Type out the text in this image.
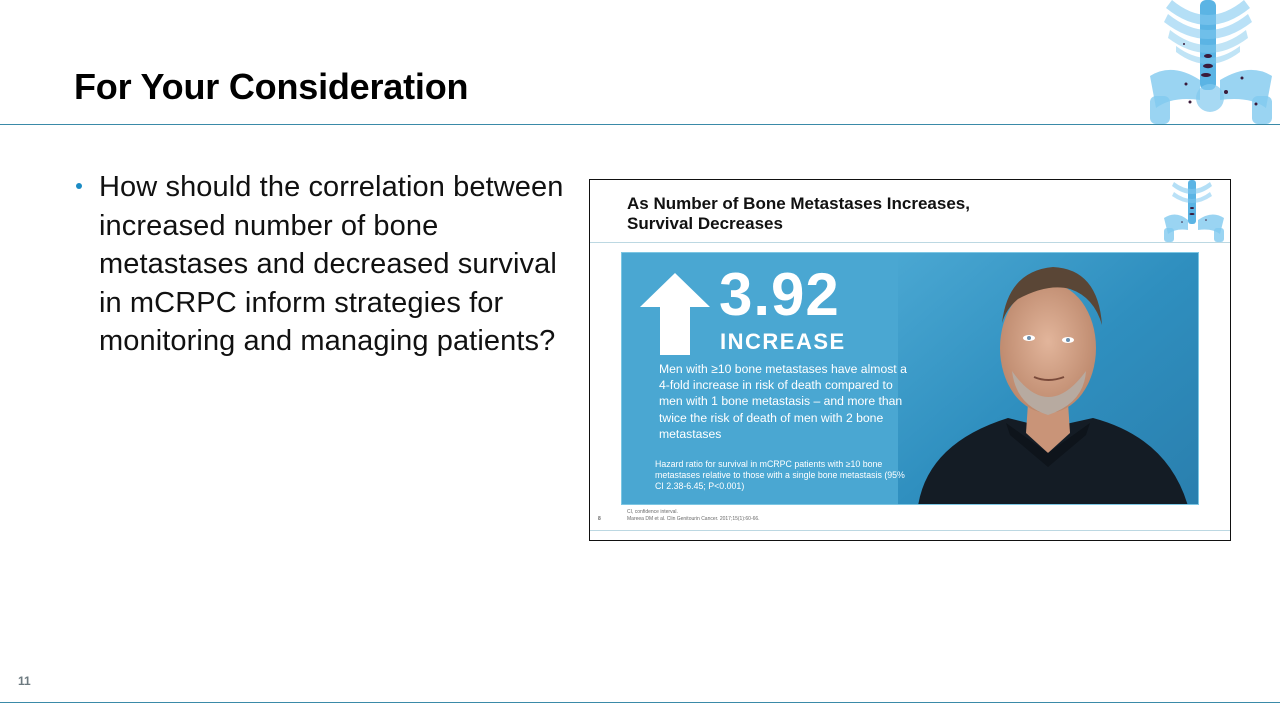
For Your Consideration
How should the correlation between increased number of bone metastases and decreased survival in mCRPC inform strategies for monitoring and managing patients?
As Number of Bone Metastases Increases,
Survival Decreases
3.92
INCREASE
Men with ≥10 bone metastases have almost a 4-fold increase in risk of death compared to men with 1 bone metastasis – and more than twice the risk of death of men with 2 bone metastases
Hazard ratio for survival in mCRPC patients with ≥10 bone metastases relative to those with a single bone metastasis (95% CI 2.38-6.45; P<0.001)
8
CI, confidence interval.
Mareea DM et al. Clin Genitourin Cancer. 2017;15(1):60-66.
11
